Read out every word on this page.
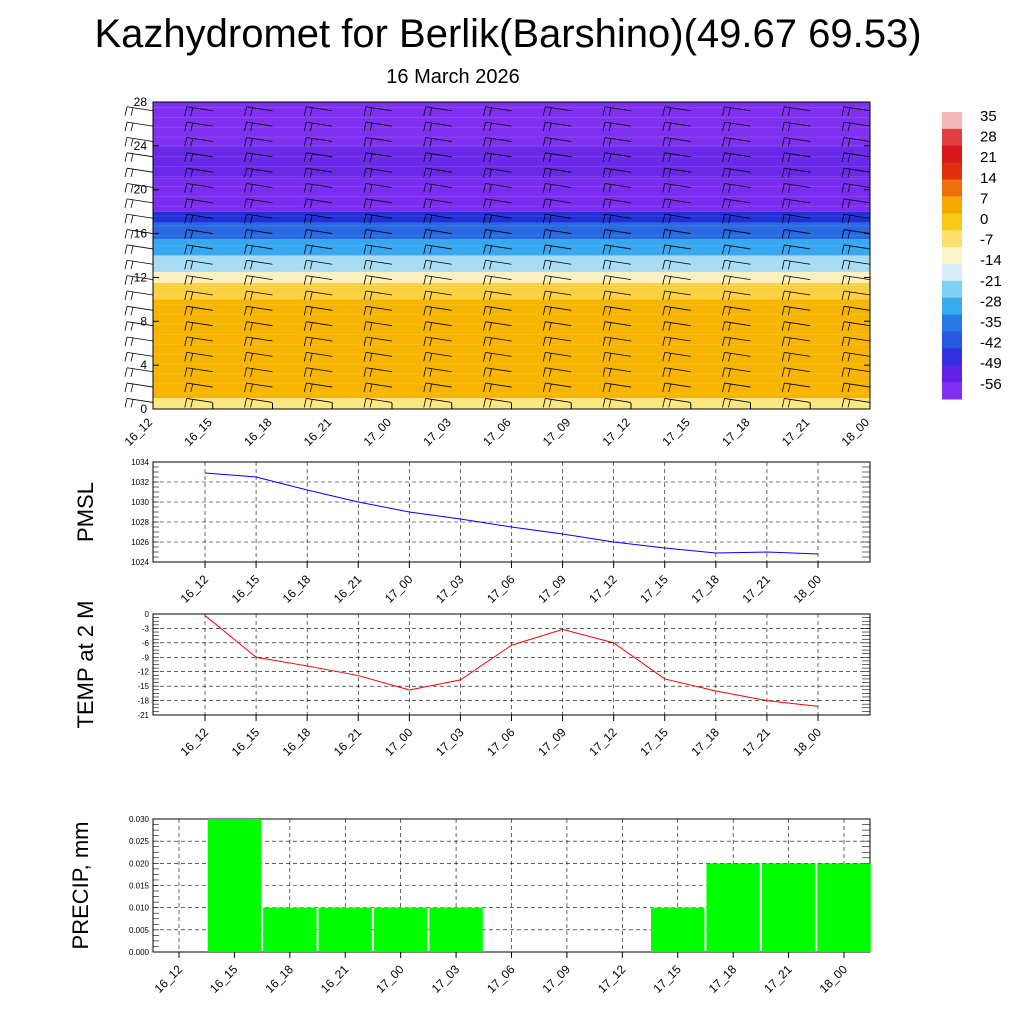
Kazhydromet for Berlik(Barshino)(49.67 69.53)
16 March 2026
0
4
8
12
16
20
24
28
16_12 16_15 16_18 16_21 17_00 17_03 17_06 17_09 17_12 17_15 17_18 17_21 18_00
35
28
21
14
7
0
-7
-14
-21
-28
-35
-42
-49
-56
1024
1026
1028
1030
1032
1034
16_12 16_15 16_18 16_21 17_00 17_03 17_06 17_09 17_12 17_15 17_18 17_21 18_00
PMSL
0
-3
-6
-9
-12
-15
-18
-21
16_12 16_15 16_18 16_21 17_00 17_03 17_06 17_09 17_12 17_15 17_18 17_21 18_00
TEMP at 2 M
0.000
0.005
0.010
0.015
0.020
0.025
0.030
16_12 16_15 16_18 16_21 17_00 17_03 17_06 17_09 17_12 17_15 17_18 17_21 18_00
PRECIP, mm
